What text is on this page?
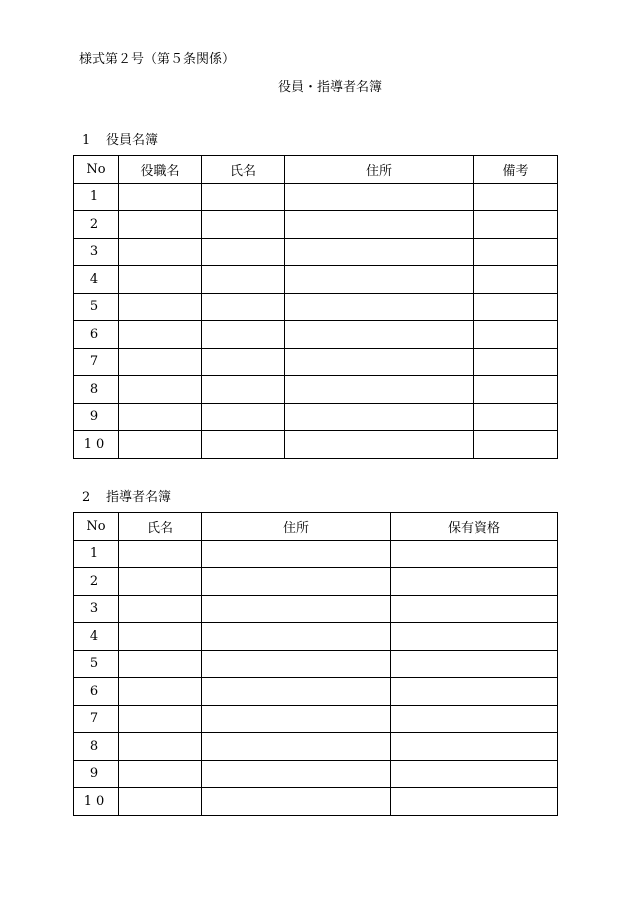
様式第２号（第５条関係）
役員・指導者名簿
1 役員名簿
No	役職名	氏名	住所	備考
1				
2				
3				
4				
5				
6				
7				
8				
9				
10				
2 指導者名簿
No	氏名	住所	保有資格
1			
2			
3			
4			
5			
6			
7			
8			
9			
10			
